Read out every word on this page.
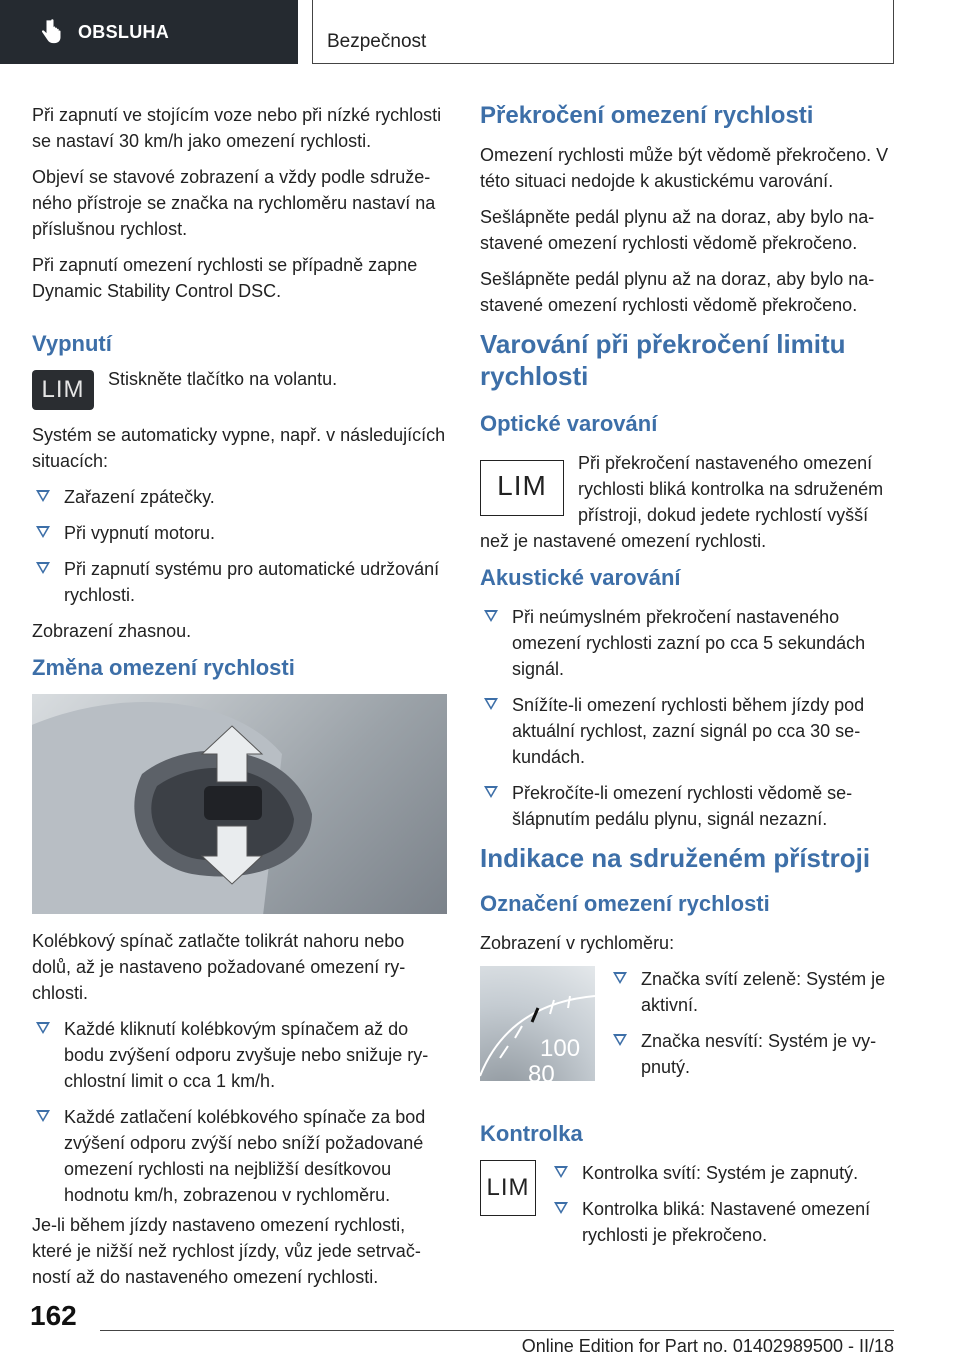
OBSLUHA	Bezpečnost

Při zapnutí ve stojícím voze nebo při nízké rychlosti se nastaví 30 km/h jako omezení rychlosti.

Objeví se stavové zobrazení a vždy podle sdruženého přístroje se značka na rychloměru nastaví na příslušnou rychlost.

Při zapnutí omezení rychlosti se případně zapne Dynamic Stability Control DSC.

Vypnutí
LIM	Stiskněte tlačítko na volantu.

Systém se automaticky vypne, např. v následujících situacích:

Zařazení zpátečky.
Při vypnutí motoru.
Při zapnutí systému pro automatické udržování rychlosti.

Zobrazení zhasnou.

Změna omezení rychlosti

Kolébkový spínač zatlačte tolikrát nahoru nebo dolů, až je nastaveno požadované omezení rychlosti.

Každé kliknutí kolébkovým spínačem až do bodu zvýšení odporu zvyšuje nebo snižuje rychlostní limit o cca 1 km/h.
Každé zatlačení kolébkového spínače za bod zvýšení odporu zvýší nebo sníží požadované omezení rychlosti na nejbližší desítkovou hodnotu km/h, zobrazenou v rychloměru.

Je-li během jízdy nastaveno omezení rychlosti, které je nižší než rychlost jízdy, vůz jede setrvačností až do nastaveného omezení rychlosti.

Překročení omezení rychlosti

Omezení rychlosti může být vědomě překročeno. V této situaci nedojde k akustickému varování.

Sešlápněte pedál plynu až na doraz, aby bylo nastavené omezení rychlosti vědomě překročeno.

Sešlápněte pedál plynu až na doraz, aby bylo nastavené omezení rychlosti vědomě překročeno.

Varování při překročení limitu rychlosti
Optické varování
LIM

Při překročení nastaveného omezení rychlosti bliká kontrolka na sdruženém přístroji, dokud jedete rychlostí vyšší než je nastavené omezení rychlosti.

Akustické varování
Při neúmyslném překročení nastaveného omezení rychlosti zazní po cca 5 sekundách signál.
Snížíte-li omezení rychlosti během jízdy pod aktuální rychlost, zazní signál po cca 30 sekundách.
Překročíte-li omezení rychlosti vědomě sešlápnutím pedálu plynu, signál nezazní.
Indikace na sdruženém přístroji
Označení omezení rychlosti

Zobrazení v rychloměru:

100
80
Značka svítí zeleně: Systém je aktivní.
Značka nesvítí: Systém je vypnutý.
Kontrolka
LIM
Kontrolka svítí: Systém je zapnutý.
Kontrolka bliká: Nastavené omezení rychlosti je překročeno.
162
Online Edition for Part no. 01402989500 - II/18
